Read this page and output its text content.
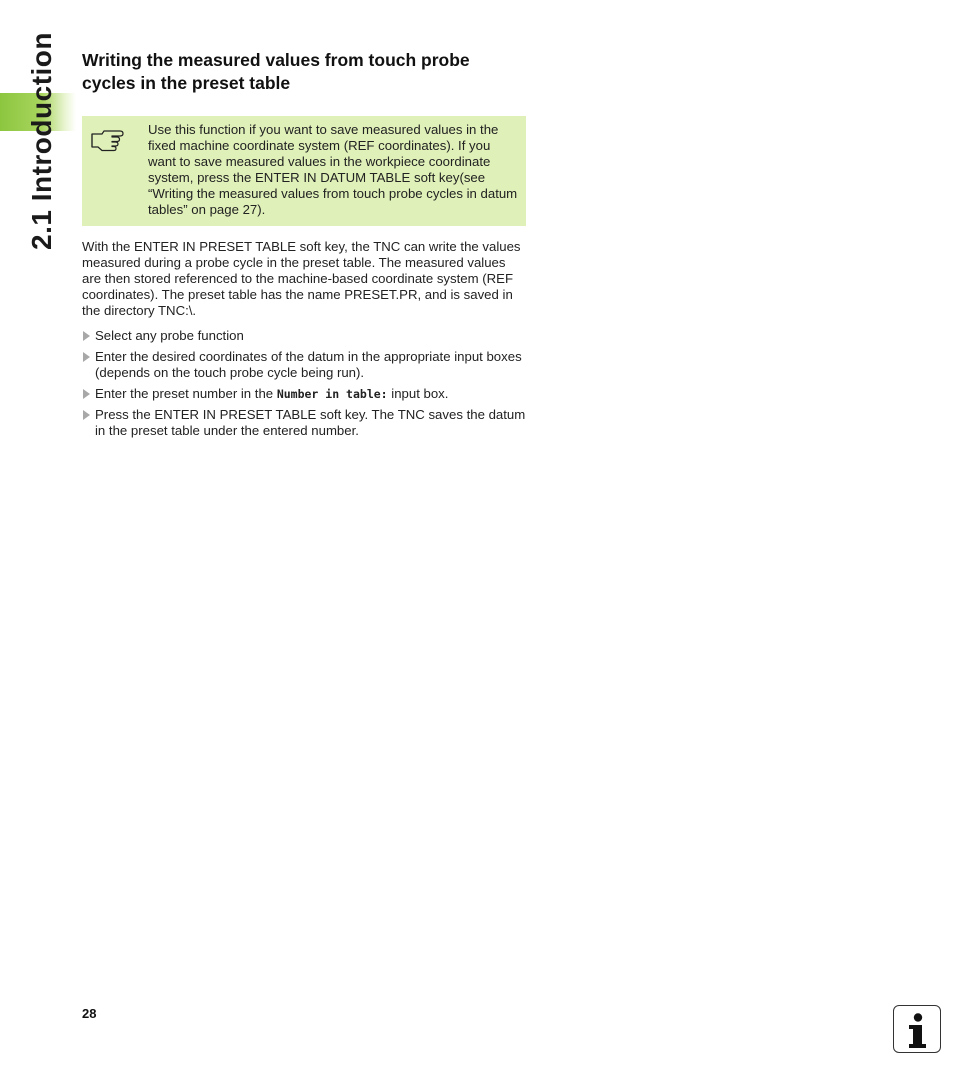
2.1 Introduction Writing the measured values from touch probe cycles in the preset table

Use this function if you want to save measured values in the fixed machine coordinate system (REF coordinates). If you want to save measured values in the workpiece coordinate system, press the ENTER IN DATUM TABLE soft key(see “Writing the measured values from touch probe cycles in datum tables” on page 27).

With the ENTER IN PRESET TABLE soft key, the TNC can write the values measured during a probe cycle in the preset table. The measured values are then stored referenced to the machine-based coordinate system (REF coordinates). The preset table has the name PRESET.PR, and is saved in the directory TNC:\.

Select any probe function
Enter the desired coordinates of the datum in the appropriate input boxes (depends on the touch probe cycle being run).
Enter the preset number in the Number in table: input box.
Press the ENTER IN PRESET TABLE soft key. The TNC saves the datum in the preset table under the entered number.
28
